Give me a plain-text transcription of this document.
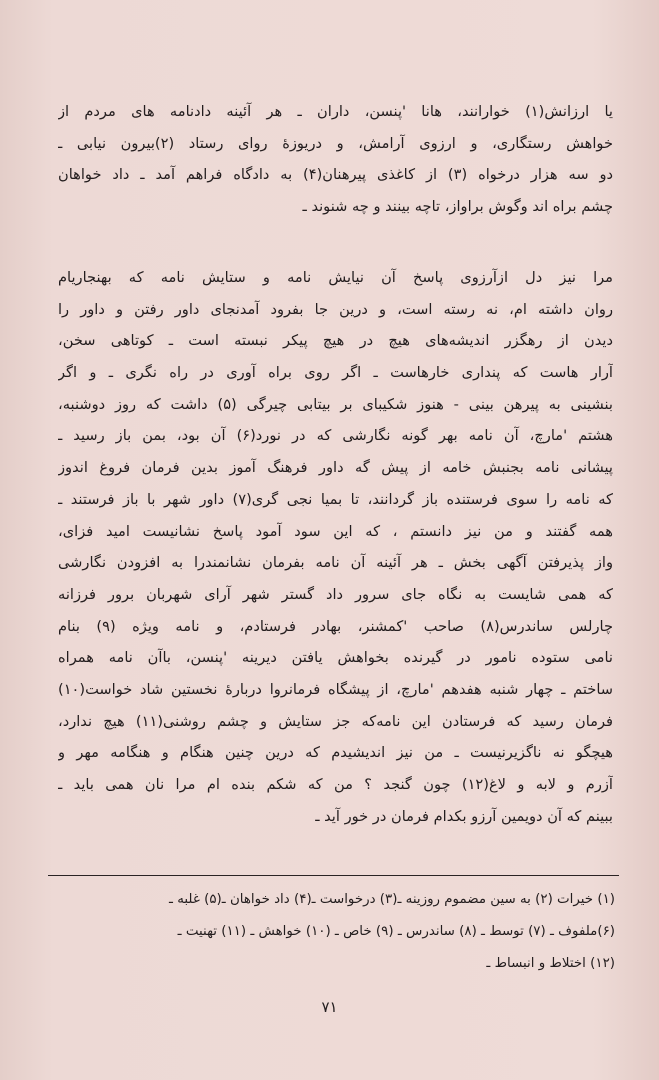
یا ارزانش(۱) خوارانند، هانا 'پنسن، داران ـ هر آئینه دادنامه های مردم از
خواهش رستگاری، و ارزوی آرامش، و دریوزهٔ روای رستاد (۲)بیرون نیابی ـ
دو سه هزار درخواه (۳) از کاغذی پیرهنان(۴) به دادگاه فراهم آمد ـ داد خواهان
چشم براه اند وگوش براواز، تاچه بینند و چه شنوند ـ
مرا نیز دل ازآرزوی پاسخ آن نیایش نامه و ستایش نامه که بهنجاریام
روان داشته ام، نه رسته است، و درین جا بفرود آمدنجای داور رفتن و داور را
دیدن از رهگزر اندیشه‌های هیچ در هیچ پیکر نبسته است ـ کوتاهی سخن،
آرار هاست که پنداری خارهاست ـ اگر روی براه آوری در راه نگری ـ و اگر
بنشینی به پیرهن بینی - هنوز شکیبای بر بیتابی چیرگی (۵) داشت که روز دوشنبه،
هشتم 'مارچ، آن نامه بهر گونه نگارشی که در نورد(۶) آن بود، بمن باز رسید ـ
پیشانی نامه بجنبش خامه از پیش گه داور فرهنگ آموز بدین فرمان فروغ اندوز
که نامه را سوی فرستنده باز گردانند، تا بمیا نجی گری(۷) داور شهر با باز فرستند ـ
همه گفتند و من نیز دانستم ، که این سود آمود پاسخ نشانیست امید فزای،
واز پذیرفتن آگهی بخش ـ هر آئینه آن نامه بفرمان نشانمندرا به افزودن نگارشی
که همی شایست به نگاه جای سرور داد گستر شهر آرای شهربان برور فرزانه
چارلس ساندرس(۸) صاحب 'کمشنر، بهادر فرستادم، و نامه ویژه (۹) بنام
نامی ستوده نامور در گیرنده بخواهش یافتن دیرینه 'پنسن، باآن نامه همراه
ساختم ـ چهار شنبه هفدهم 'مارچ، از پیشگاه فرمانروا دربارهٔ نخستین شاد خواست(۱۰)
فرمان رسید که فرستادن این نامه‌که جز ستایش و چشم روشنی(۱۱) هیچ ندارد،
هیچگو نه ناگزیرنیست ـ من نیز اندیشیدم که درین چنین هنگام و هنگامه مهر و
آزرم و لابه و لاغ(۱۲) چون گنجد ؟ من که شکم بنده ام مرا نان همی باید ـ
ببینم که آن دویمین آرزو بکدام فرمان در خور آید ـ
(۱) خیرات (۲) به سین مضموم روزینه ـ(۳) درخواست ـ(۴) داد خواهان ـ(۵) غلبه ـ
(۶)ملفوف ـ (۷) توسط ـ (۸) ساندرس ـ (۹) خاص ـ (۱۰) خواهش ـ (۱۱) تهنیت ـ
(۱۲) اختلاط و انبساط ـ
۷۱
